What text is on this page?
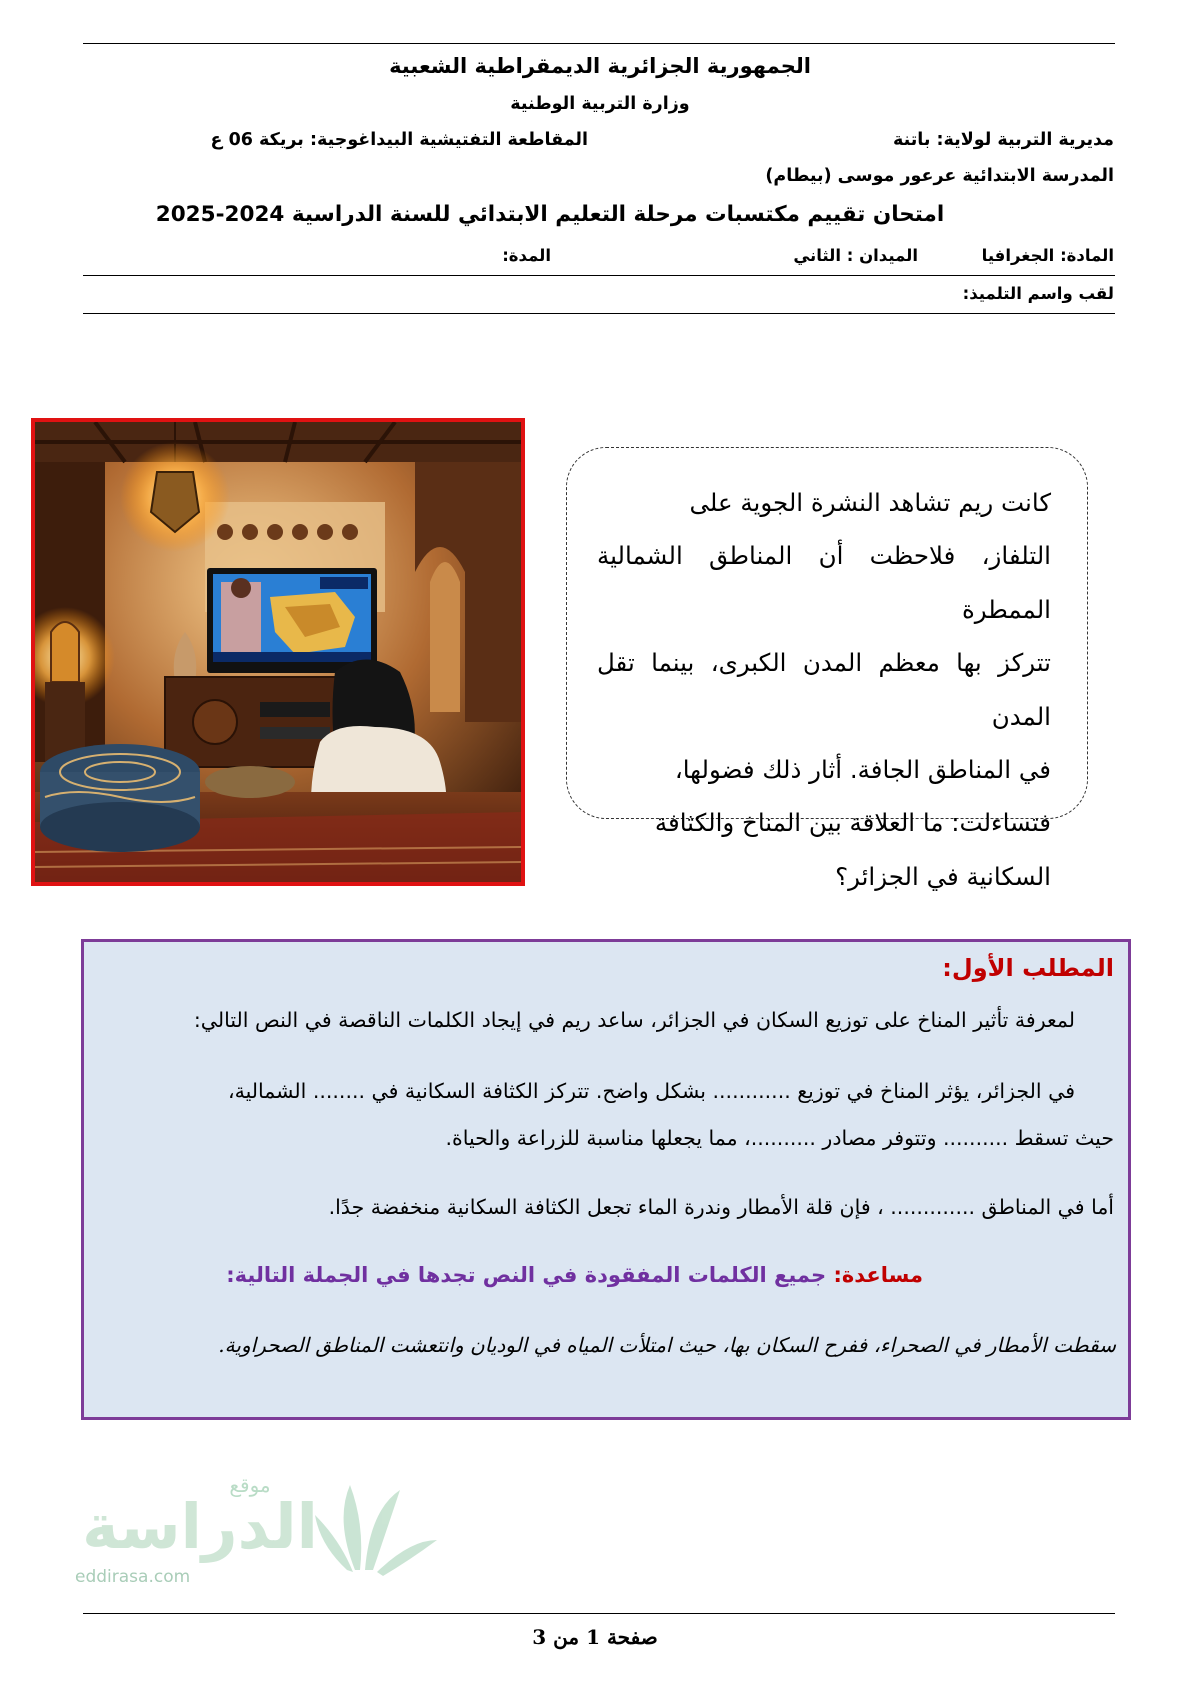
الجمهورية الجزائرية الديمقراطية الشعبية
وزارة التربية الوطنية
مديرية التربية لولاية: باتنة
المقاطعة التفتيشية البيداغوجية: بريكة 06 ع
المدرسة الابتدائية عرعور موسى (بيطام)
امتحان تقييم مكتسبات مرحلة التعليم الابتدائي للسنة الدراسية 2024-2025
المادة: الجغرافيا
الميدان : الثاني
المدة:
لقب واسم التلميذ:

كانت ريم تشاهد النشرة الجوية على

التلفاز، فلاحظت أن المناطق الشمالية الممطرة

تتركز بها معظم المدن الكبرى، بينما تقل المدن

في المناطق الجافة. أثار ذلك فضولها،

فتساءلت: ما العلاقة بين المناخ والكثافة

السكانية في الجزائر؟

المطلب الأول:
لمعرفة تأثير المناخ على توزيع السكان في الجزائر، ساعد ريم في إيجاد الكلمات الناقصة في النص التالي:
في الجزائر، يؤثر المناخ في توزيع ............ بشكل واضح. تتركز الكثافة السكانية في ........ الشمالية،
حيث تسقط .......... وتتوفر مصادر ..........، مما يجعلها مناسبة للزراعة والحياة.
أما في المناطق ............. ، فإن قلة الأمطار وندرة الماء تجعل الكثافة السكانية منخفضة جدًا.
مساعدة: جميع الكلمات المفقودة في النص تجدها في الجملة التالية:
سقطت الأمطار في الصحراء، ففرح السكان بها، حيث امتلأت المياه في الوديان وانتعشت المناطق الصحراوية.
موقع
الدراسة
eddirasa.com
صفحة 1 من 3
